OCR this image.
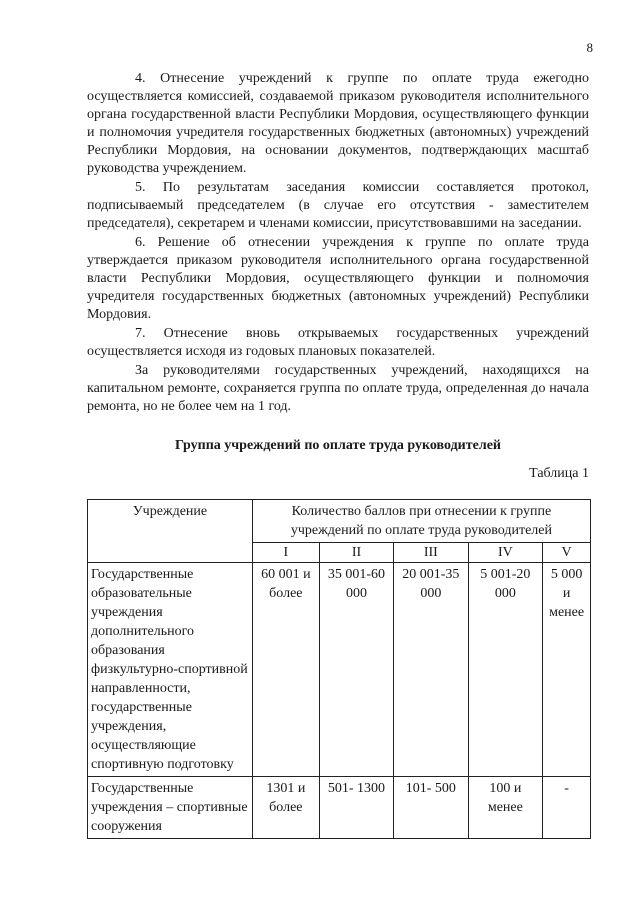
8

4. Отнесение учреждений к группе по оплате труда ежегодно осуществляется комиссией, создаваемой приказом руководителя исполнительного органа государственной власти Республики Мордовия, осуществляющего функции и полномочия учредителя государственных бюджетных (автономных) учреждений Республики Мордовия, на основании документов, подтверждающих масштаб руководства учреждением.

5. По результатам заседания комиссии составляется протокол, подписываемый председателем (в случае его отсутствия - заместителем председателя), секретарем и членами комиссии, присутствовавшими на заседании.

6. Решение об отнесении учреждения к группе по оплате труда утверждается приказом руководителя исполнительного органа государственной власти Республики Мордовия, осуществляющего функции и полномочия учредителя государственных бюджетных (автономных учреждений) Республики Мордовия.

7. Отнесение вновь открываемых государственных учреждений осуществляется исходя из годовых плановых показателей.

За руководителями государственных учреждений, находящихся на капитальном ремонте, сохраняется группа по оплате труда, определенная до начала ремонта, но не более чем на 1 год.

Группа учреждений по оплате труда руководителей
Таблица 1
Учреждение	Количество баллов при отнесении к группе учреждений по оплате труда руководителей				
	I	II	III	IV	V
Государственные образовательные учреждения дополнительного образования физкультурно-спортивной направленности, государственные учреждения, осуществляющие спортивную подготовку	60 001 и более	35 001-60 000	20 001-35 000	5 001-20 000	5 000 и менее
Государственные учреждения – спортивные сооружения	1301 и более	501- 1300	101- 500	100 и менее	-
